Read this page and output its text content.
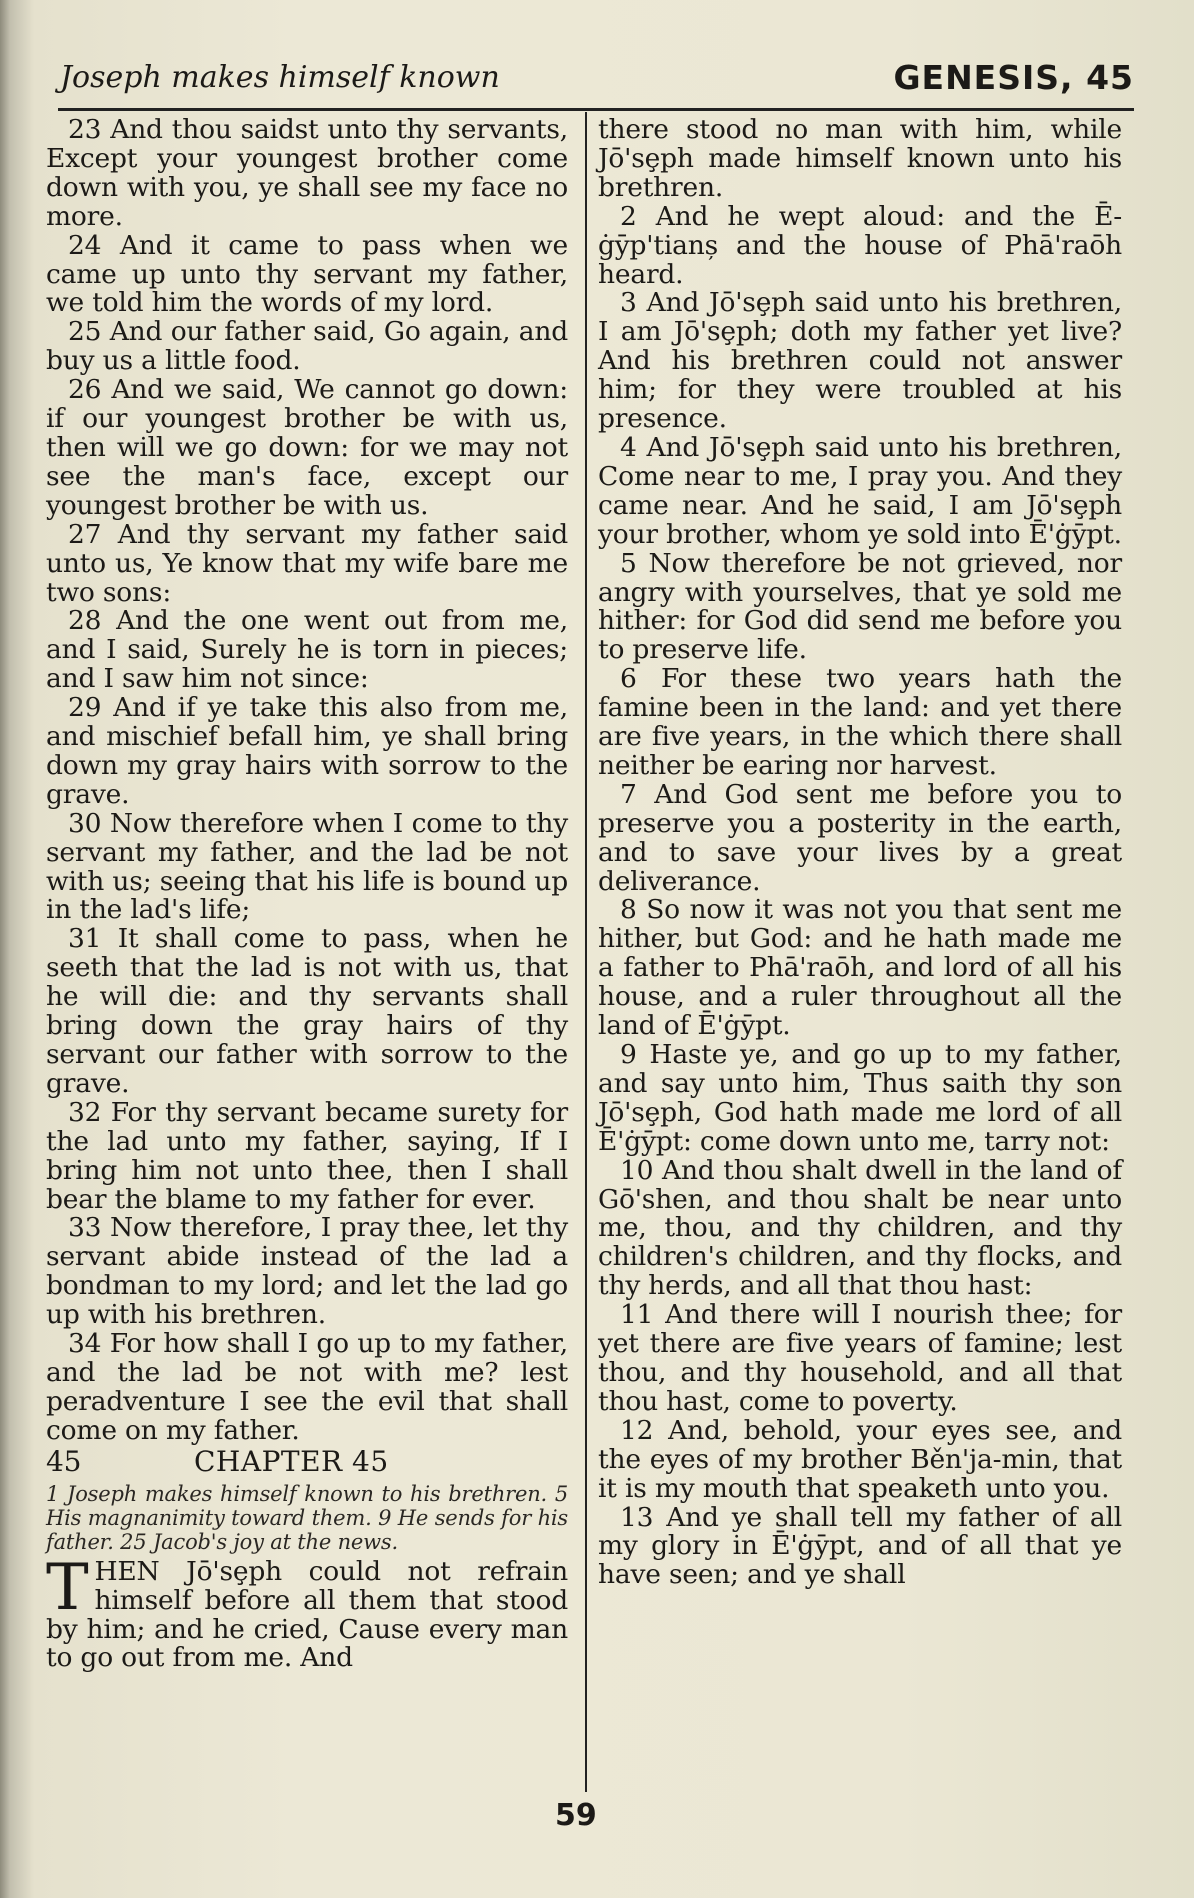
Joseph makes himself known	GENESIS, 45

23 And thou saidst unto thy servants, Except your youngest brother come down with you, ye shall see my face no more.

24 And it came to pass when we came up unto thy servant my father, we told him the words of my lord.

25 And our father said, Go again, and buy us a little food.

26 And we said, We cannot go down: if our youngest brother be with us, then will we go down: for we may not see the man's face, except our youngest brother be with us.

27 And thy servant my father said unto us, Ye know that my wife bare me two sons:

28 And the one went out from me, and I said, Surely he is torn in pieces; and I saw him not since:

29 And if ye take this also from me, and mischief befall him, ye shall bring down my gray hairs with sorrow to the grave.

30 Now therefore when I come to thy servant my father, and the lad be not with us; seeing that his life is bound up in the lad's life;

31 It shall come to pass, when he seeth that the lad is not with us, that he will die: and thy servants shall bring down the gray hairs of thy servant our father with sorrow to the grave.

32 For thy servant became surety for the lad unto my father, saying, If I bring him not unto thee, then I shall bear the blame to my father for ever.

33 Now therefore, I pray thee, let thy servant abide instead of the lad a bondman to my lord; and let the lad go up with his brethren.

34 For how shall I go up to my father, and the lad be not with me? lest peradventure I see the evil that shall come on my father.

45	CHAPTER 45

1 Joseph makes himself known to his brethren. 5 His magnanimity toward them. 9 He sends for his father. 25 Jacob's joy at the news.

T HEN Jō'sȩph could not refrain himself before all them that stood by him; and he cried, Cause every man to go out from me. And

there stood no man with him, while Jō'sȩph made himself known unto his brethren.

2 And he wept aloud: and the Ē-ġȳp'tianș and the house of Phā'raōh heard.

3 And Jō'sȩph said unto his brethren, I am Jō'sȩph; doth my father yet live? And his brethren could not answer him; for they were troubled at his presence.

4 And Jō'sȩph said unto his brethren, Come near to me, I pray you. And they came near. And he said, I am Jō'sȩph your brother, whom ye sold into Ē'ġȳpt.

5 Now therefore be not grieved, nor angry with yourselves, that ye sold me hither: for God did send me before you to preserve life.

6 For these two years hath the famine been in the land: and yet there are five years, in the which there shall neither be earing nor harvest.

7 And God sent me before you to preserve you a posterity in the earth, and to save your lives by a great deliverance.

8 So now it was not you that sent me hither, but God: and he hath made me a father to Phā'raōh, and lord of all his house, and a ruler throughout all the land of Ē'ġȳpt.

9 Haste ye, and go up to my father, and say unto him, Thus saith thy son Jō'sȩph, God hath made me lord of all Ē'ġȳpt: come down unto me, tarry not:

10 And thou shalt dwell in the land of Gō'shen, and thou shalt be near unto me, thou, and thy children, and thy children's children, and thy flocks, and thy herds, and all that thou hast:

11 And there will I nourish thee; for yet there are five years of famine; lest thou, and thy household, and all that thou hast, come to poverty.

12 And, behold, your eyes see, and the eyes of my brother Běn'ja-min, that it is my mouth that speaketh unto you.

13 And ye shall tell my father of all my glory in Ē'ġȳpt, and of all that ye have seen; and ye shall

59
